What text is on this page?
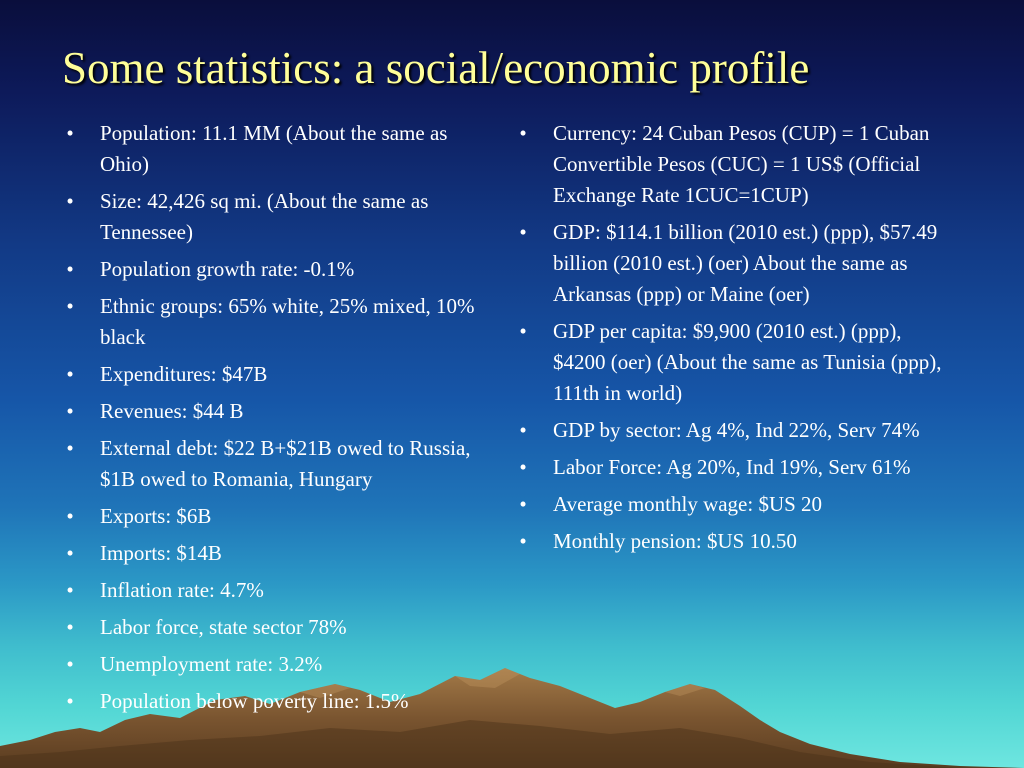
Some statistics: a social/economic profile
•	Population: 11.1 MM (About the same as Ohio)
•	Size: 42,426 sq mi. (About the same as Tennessee)
•	Population growth rate: -0.1%
•	Ethnic groups: 65% white, 25% mixed, 10% black
•	Expenditures: $47B
•	Revenues: $44 B
•	External debt: $22 B+$21B owed to Russia, $1B owed to Romania, Hungary
•	Exports: $6B
•	Imports: $14B
•	Inflation rate: 4.7%
•	Labor force, state sector 78%
•	Unemployment rate: 3.2%
•	Population below poverty line: 1.5%
•	Currency: 24 Cuban Pesos (CUP) = 1 Cuban Convertible Pesos (CUC) = 1 US$ (Official Exchange Rate 1CUC=1CUP)
•	GDP: $114.1 billion (2010 est.) (ppp), $57.49 billion (2010 est.) (oer) About the same as Arkansas (ppp) or Maine (oer)
•	GDP per capita: $9,900 (2010 est.) (ppp), $4200 (oer) (About the same as Tunisia (ppp), 111th in world)
•	GDP by sector: Ag 4%, Ind 22%, Serv 74%
•	Labor Force: Ag 20%, Ind 19%, Serv 61%
•	Average monthly wage: $US 20
•	Monthly pension: $US 10.50
